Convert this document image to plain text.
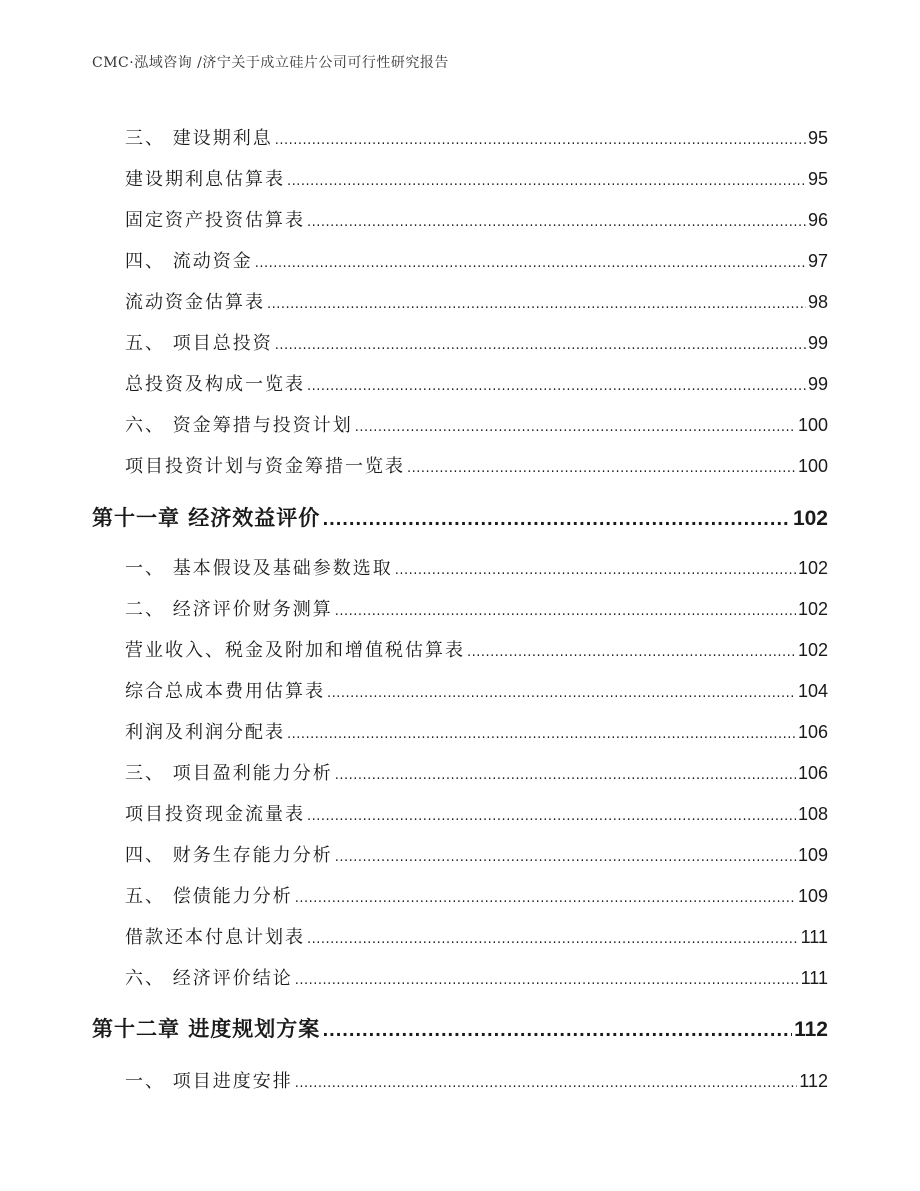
CMC·泓域咨询 /济宁关于成立硅片公司可行性研究报告
三、 建设期利息 .....	95
建设期利息估算表 .....	95
固定资产投资估算表 .....	96
四、 流动资金 .....	97
流动资金估算表 .....	98
五、 项目总投资 .....	99
总投资及构成一览表 .....	99
六、 资金筹措与投资计划 .....	100
项目投资计划与资金筹措一览表 .....	100
第十一章 经济效益评价 .....	102
一、 基本假设及基础参数选取 .....	102
二、 经济评价财务测算 .....	102
营业收入、税金及附加和增值税估算表 .....	102
综合总成本费用估算表 .....	104
利润及利润分配表 .....	106
三、 项目盈利能力分析 .....	106
项目投资现金流量表 .....	108
四、 财务生存能力分析 .....	109
五、 偿债能力分析 .....	109
借款还本付息计划表 .....	111
六、 经济评价结论 .....	111
第十二章 进度规划方案 .....	112
一、 项目进度安排 .....	112
